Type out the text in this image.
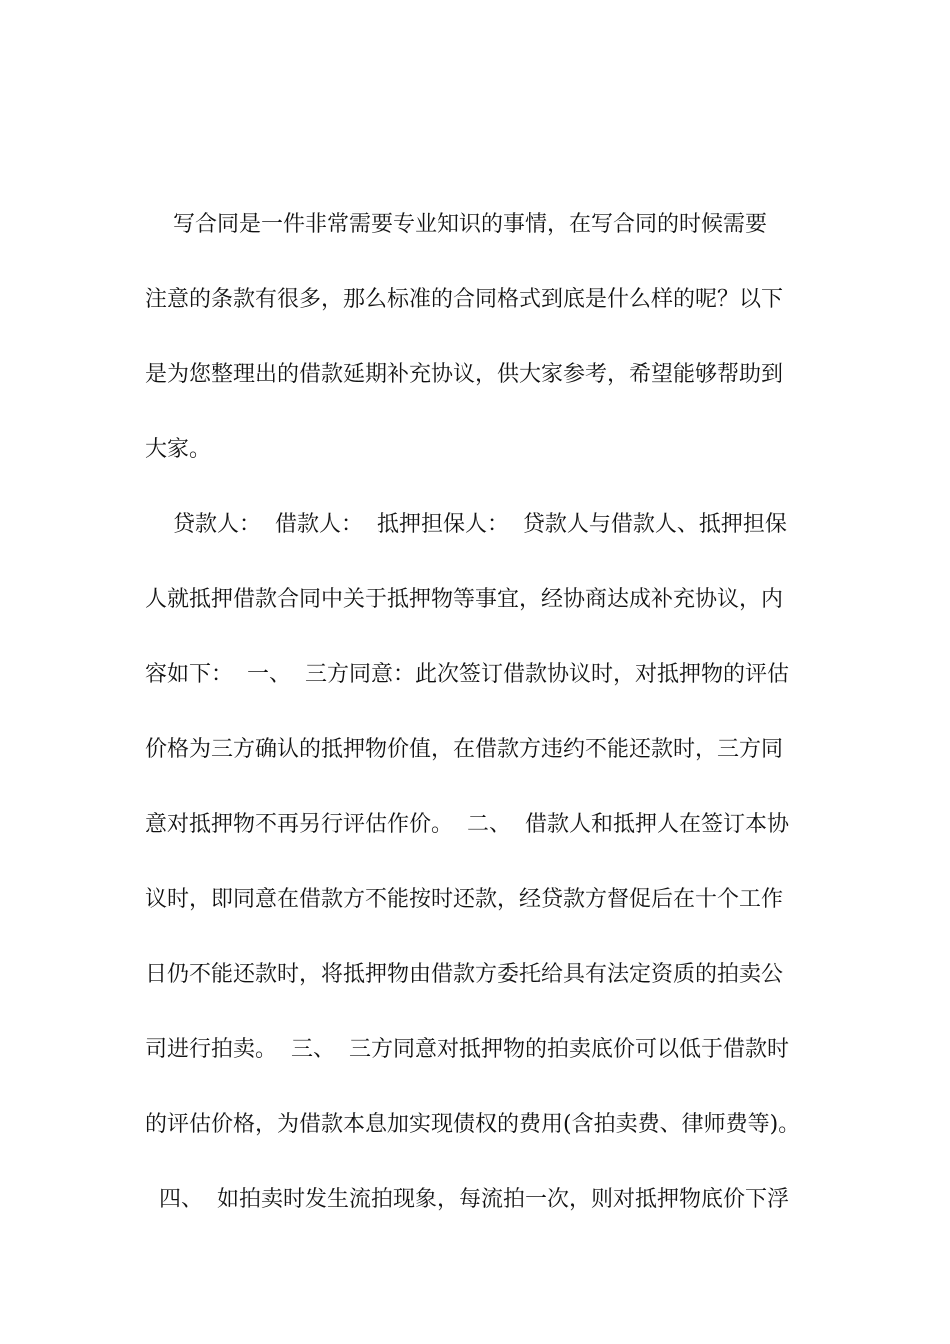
写合同是一件非常需要专业知识的事情，在写合同的时候需要
注意的条款有很多，那么标准的合同格式到底是什么样的呢？以下
是为您整理出的借款延期补充协议，供大家参考，希望能够帮助到
大家。
贷款人：  借款人：  抵押担保人：  贷款人与借款人、抵押担保
人就抵押借款合同中关于抵押物等事宜，经协商达成补充协议，内
容如下：  一、  三方同意：此次签订借款协议时，对抵押物的评估
价格为三方确认的抵押物价值，在借款方违约不能还款时，三方同
意对抵押物不再另行评估作价。  二、  借款人和抵押人在签订本协
议时，即同意在借款方不能按时还款，经贷款方督促后在十个工作
日仍不能还款时，将抵押物由借款方委托给具有法定资质的拍卖公
司进行拍卖。  三、  三方同意对抵押物的拍卖底价可以低于借款时
的评估价格，为借款本息加实现债权的费用(含拍卖费、律师费等)。
四、  如拍卖时发生流拍现象，每流拍一次，则对抵押物底价下浮
